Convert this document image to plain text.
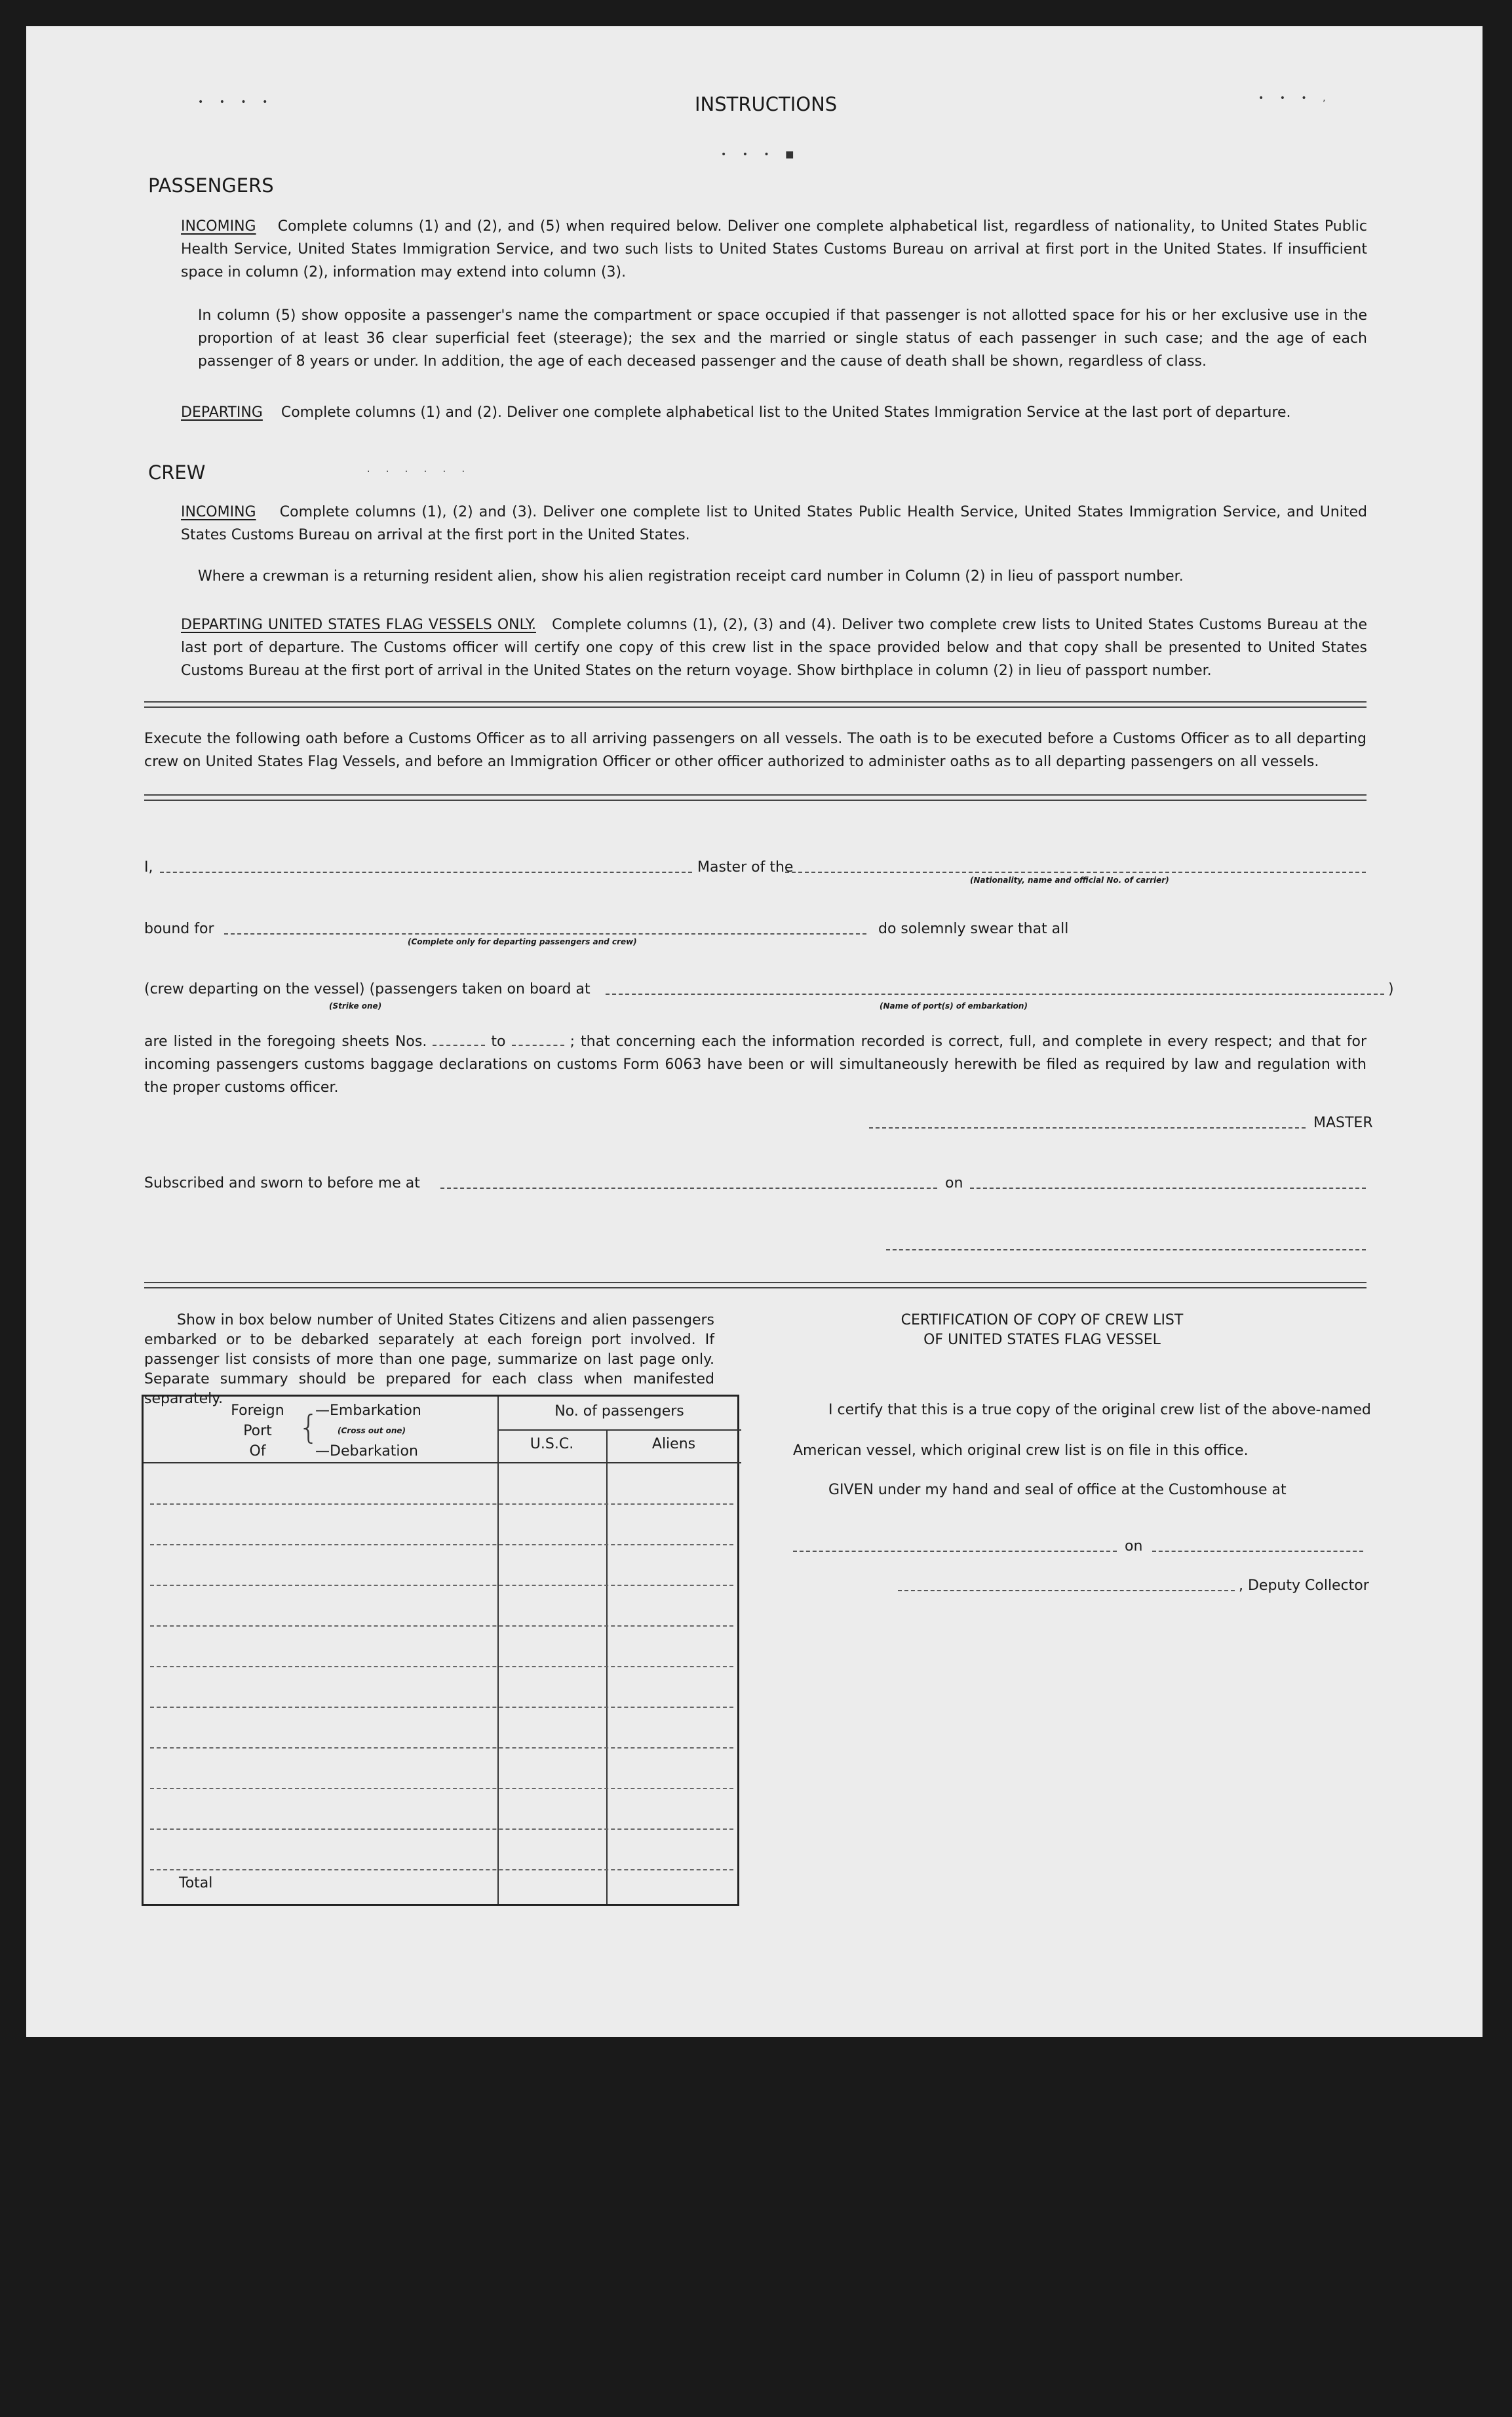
• • • •	INSTRUCTIONS	• • • ,
• • • ■
PASSENGERS
INCOMING Complete columns (1) and (2), and (5) when required below. Deliver one complete alphabetical list, regardless of nationality, to United States Public Health Service, United States Immigration Service, and two such lists to United States Customs Bureau on arrival at first port in the United States. If insufficient space in column (2), information may extend into column (3).
In column (5) show opposite a passenger's name the compartment or space occupied if that passenger is not allotted space for his or her exclusive use in the proportion of at least 36 clear superficial feet (steerage); the sex and the married or single status of each passenger in such case; and the age of each passenger of 8 years or under. In addition, the age of each deceased passenger and the cause of death shall be shown, regardless of class.
DEPARTING Complete columns (1) and (2). Deliver one complete alphabetical list to the United States Immigration Service at the last port of departure.
CREW	· · · · · ·
INCOMING Complete columns (1), (2) and (3). Deliver one complete list to United States Public Health Service, United States Immigration Service, and United States Customs Bureau on arrival at the first port in the United States.
Where a crewman is a returning resident alien, show his alien registration receipt card number in Column (2) in lieu of passport number.
DEPARTING UNITED STATES FLAG VESSELS ONLY. Complete columns (1), (2), (3) and (4). Deliver two complete crew lists to United States Customs Bureau at the last port of departure. The Customs officer will certify one copy of this crew list in the space provided below and that copy shall be presented to United States Customs Bureau at the first port of arrival in the United States on the return voyage. Show birthplace in column (2) in lieu of passport number.
Execute the following oath before a Customs Officer as to all arriving passengers on all vessels. The oath is to be executed before a Customs Officer as to all departing crew on United States Flag Vessels, and before an Immigration Officer or other officer authorized to administer oaths as to all departing passengers on all vessels.
I,	Master of the
(Nationality, name and official No. of carrier)
bound for
(Complete only for departing passengers and crew)
do solemnly swear that all
(crew departing on the vessel) (passengers taken on board at
(Strike one)
)
(Name of port(s) of embarkation)
are listed in the foregoing sheets Nos.	to	; that concerning each the information recorded is correct, full, and complete in every respect; and that for incoming passengers customs baggage declarations on customs Form 6063 have been or will simultaneously herewith be filed as required by law and regulation with the proper customs officer.
MASTER
Subscribed and sworn to before me at	on
Show in box below number of United States Citizens and alien passengers embarked or to be debarked separately at each foreign port involved. If passenger list consists of more than one page, summarize on last page only. Separate summary should be prepared for each class when manifested separately.
Foreign
Port
Of
{
—Embarkation
(Cross out one)
—Debarkation
No. of passengers
U.S.C.	Aliens
Total
CERTIFICATION OF COPY OF CREW LIST
OF UNITED STATES FLAG VESSEL
I certify that this is a true copy of the original crew list of the above-named
American vessel, which original crew list is on file in this office.
GIVEN under my hand and seal of office at the Customhouse at
on
, Deputy Collector
